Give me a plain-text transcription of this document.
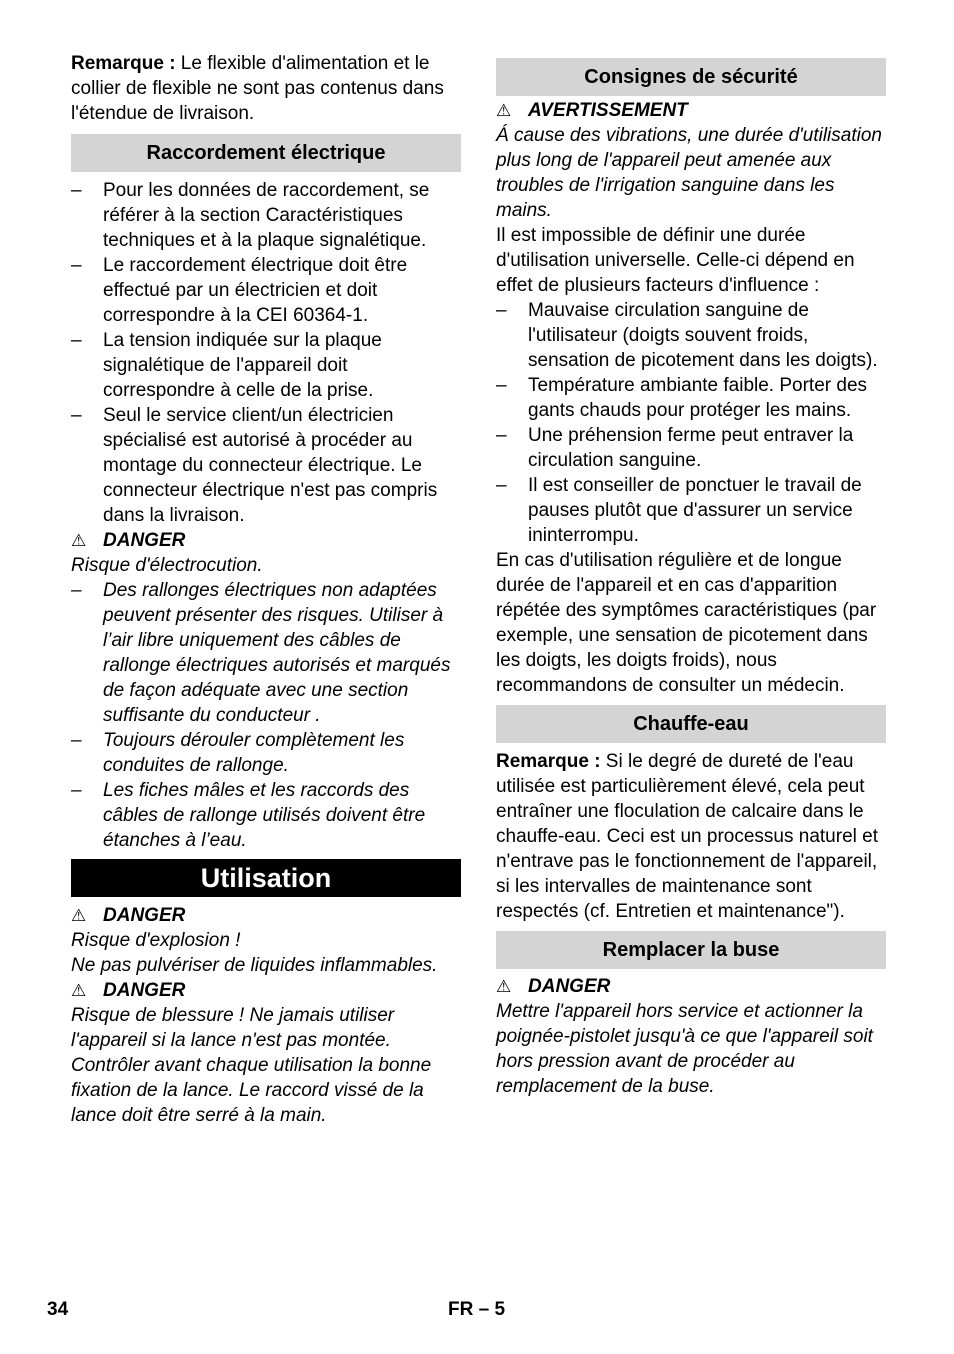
Remarque : Le flexible d'alimentation et le collier de flexible ne sont pas contenus dans l'étendue de livraison.

Raccordement électrique
– Pour les données de raccordement, se référer à la section Caractéristiques techniques et à la plaque signalétique.
– Le raccordement électrique doit être effectué par un électricien et doit correspondre à la CEI 60364-1.
– La tension indiquée sur la plaque signalétique de l'appareil doit correspondre à celle de la prise.
– Seul le service client/un électricien spécialisé est autorisé à procéder au montage du connecteur électrique. Le connecteur électrique n'est pas compris dans la livraison.

⚠ DANGER

Risque d'électrocution.

– Des rallonges électriques non adaptées peuvent présenter des risques. Utiliser à l’air libre uniquement des câbles de rallonge électriques autorisés et marqués de façon adéquate avec une section suffisante du conducteur .
– Toujours dérouler complètement les conduites de rallonge.
– Les fiches mâles et les raccords des câbles de rallonge utilisés doivent être étanches à l’eau.
Utilisation

⚠ DANGER

Risque d'explosion !

Ne pas pulvériser de liquides inflammables.

⚠ DANGER

Risque de blessure ! Ne jamais utiliser l'appareil si la lance n'est pas montée. Contrôler avant chaque utilisation la bonne fixation de la lance. Le raccord vissé de la lance doit être serré à la main.

Consignes de sécurité

⚠ AVERTISSEMENT

Á cause des vibrations, une durée d'utilisation plus long de l'appareil peut amenée aux troubles de l'irrigation sanguine dans les mains.

Il est impossible de définir une durée d'utilisation universelle. Celle-ci dépend en effet de plusieurs facteurs d'influence :

– Mauvaise circulation sanguine de l'utilisateur (doigts souvent froids, sensation de picotement dans les doigts).
– Température ambiante faible. Porter des gants chauds pour protéger les mains.
– Une préhension ferme peut entraver la circulation sanguine.
– Il est conseiller de ponctuer le travail de pauses plutôt que d'assurer un service ininterrompu.

En cas d'utilisation régulière et de longue durée de l'appareil et en cas d'apparition répétée des symptômes caractéristiques (par exemple, une sensation de picotement dans les doigts, les doigts froids), nous recommandons de consulter un médecin.

Chauffe-eau

Remarque : Si le degré de dureté de l'eau utilisée est particulièrement élevé, cela peut entraîner une floculation de calcaire dans le chauffe-eau. Ceci est un processus naturel et n'entrave pas le fonctionnement de l'appareil, si les intervalles de maintenance sont respectés (cf. Entretien et maintenance").

Remplacer la buse

⚠ DANGER

Mettre l'appareil hors service et actionner la poignée-pistolet jusqu'à ce que l'appareil soit hors pression avant de procéder au remplacement de la buse.

34	FR – 5
